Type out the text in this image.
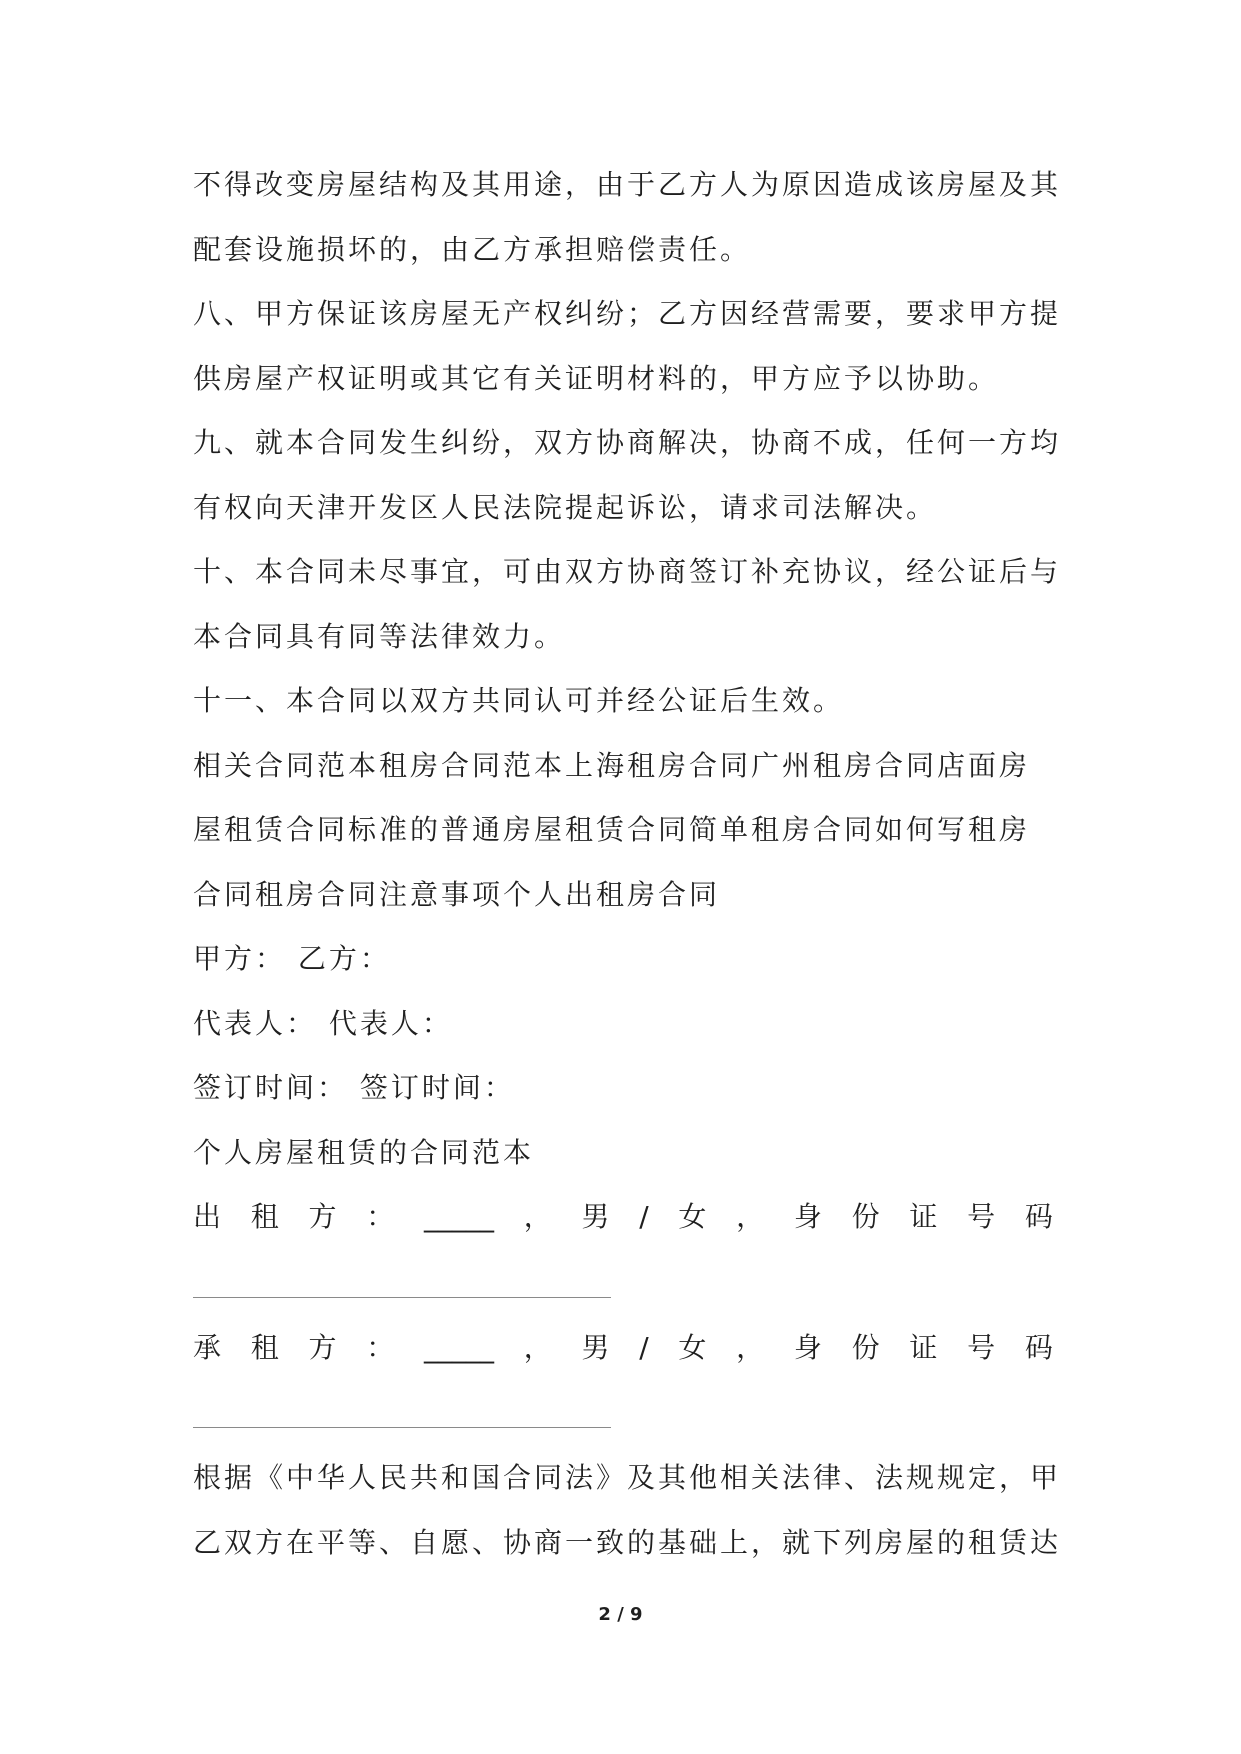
不得改变房屋结构及其用途，由于乙方人为原因造成该房屋及其
配套设施损坏的，由乙方承担赔偿责任。
八、甲方保证该房屋无产权纠纷；乙方因经营需要，要求甲方提
供房屋产权证明或其它有关证明材料的，甲方应予以协助。
九、就本合同发生纠纷，双方协商解决，协商不成，任何一方均
有权向天津开发区人民法院提起诉讼，请求司法解决。
十、本合同未尽事宜，可由双方协商签订补充协议，经公证后与
本合同具有同等法律效力。
十一、本合同以双方共同认可并经公证后生效。
相关合同范本租房合同范本上海租房合同广州租房合同店面房
屋租赁合同标准的普通房屋租赁合同简单租房合同如何写租房
合同租房合同注意事项个人出租房合同
甲方： 乙方：
代表人： 代表人：
签订时间： 签订时间：
个人房屋租赁的合同范本
出 租 方 ： _____ ， 男 / 女 ， 身 份 证 号 码
承 租 方 ： _____ ， 男 / 女 ， 身 份 证 号 码
根据《中华人民共和国合同法》及其他相关法律、法规规定，甲
乙双方在平等、自愿、协商一致的基础上，就下列房屋的租赁达
2 / 9
